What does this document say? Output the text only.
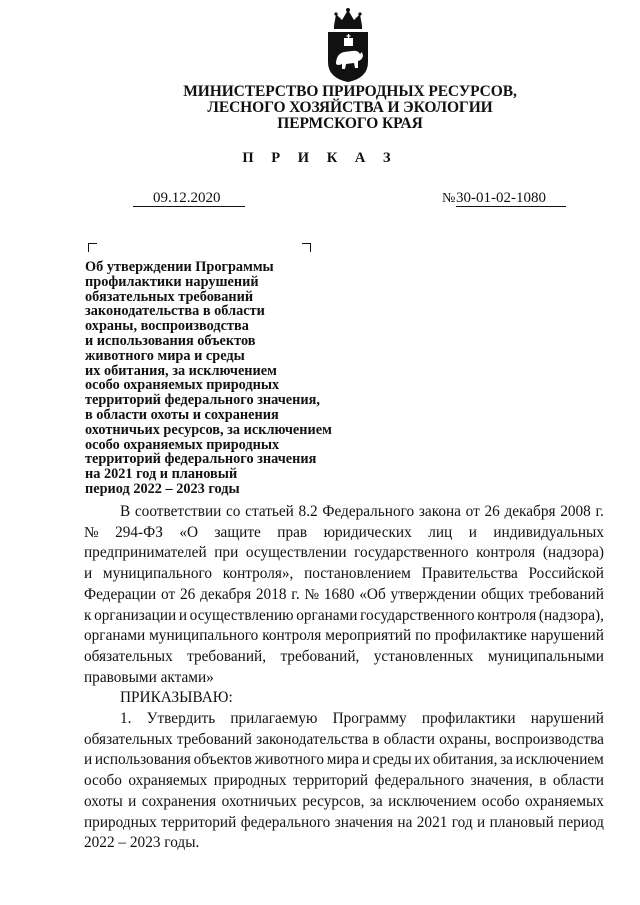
МИНИСТЕРСТВО ПРИРОДНЫХ РЕСУРСОВ,
ЛЕСНОГО ХОЗЯЙСТВА И ЭКОЛОГИИ
ПЕРМСКОГО КРАЯ
П Р И К А З
09.12.2020	№ 30-01-02-1080
Об утверждении Программы
профилактики нарушений
обязательных требований
законодательства в области
охраны, воспроизводства
и использования объектов
животного мира и среды
их обитания, за исключением
особо охраняемых природных
территорий федерального значения,
в области охоты и сохранения
охотничьих ресурсов, за исключением
особо охраняемых природных
территорий федерального значения
на 2021 год и плановый
период 2022 – 2023 годы
В соответствии со статьей 8.2 Федерального закона от 26 декабря 2008 г.
№ 294-ФЗ «О защите прав юридических лиц и индивидуальных
предпринимателей при осуществлении государственного контроля (надзора)
и муниципального контроля», постановлением Правительства Российской
Федерации от 26 декабря 2018 г. № 1680 «Об утверждении общих требований
к организации и осуществлению органами государственного контроля (надзора),
органами муниципального контроля мероприятий по профилактике нарушений
обязательных требований, требований, установленных муниципальными
правовыми актами»
ПРИКАЗЫВАЮ:
1. Утвердить прилагаемую Программу профилактики нарушений
обязательных требований законодательства в области охраны, воспроизводства
и использования объектов животного мира и среды их обитания, за исключением
особо охраняемых природных территорий федерального значения, в области
охоты и сохранения охотничьих ресурсов, за исключением особо охраняемых
природных территорий федерального значения на 2021 год и плановый период
2022 – 2023 годы.
